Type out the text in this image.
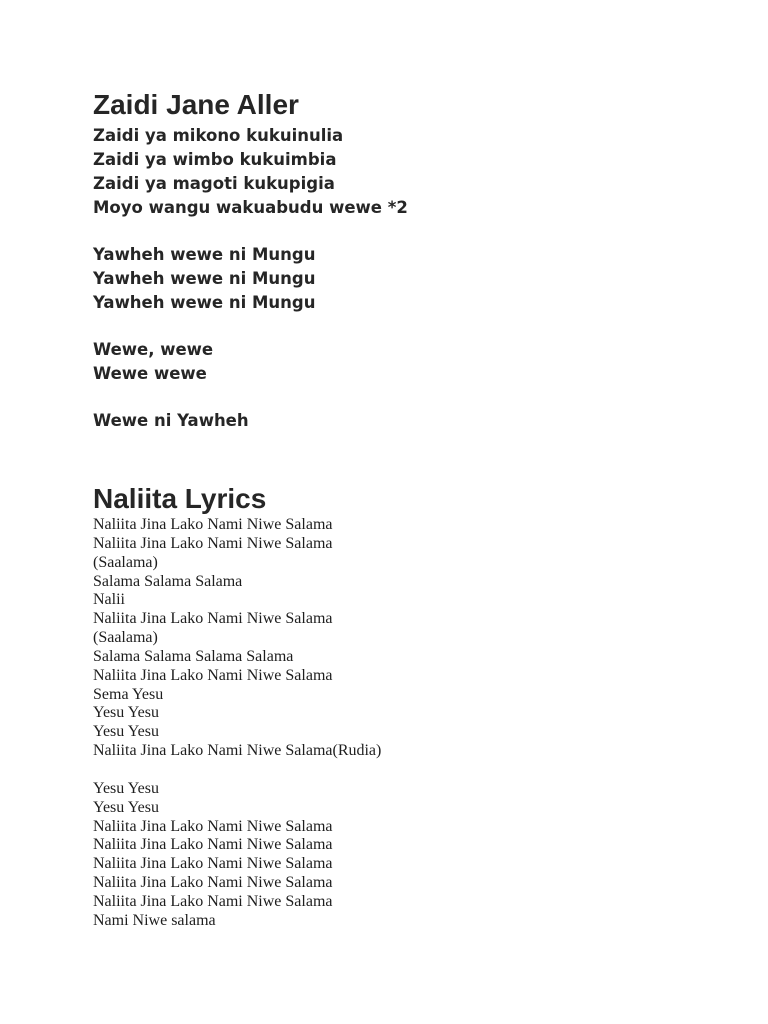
Zaidi Jane Aller
Zaidi ya mikono kukuinulia
Zaidi ya wimbo kukuimbia
Zaidi ya magoti kukupigia
Moyo wangu wakuabudu wewe *2
Yawheh wewe ni Mungu
Yawheh wewe ni Mungu
Yawheh wewe ni Mungu
Wewe, wewe
Wewe wewe
Wewe ni Yawheh
Naliita Lyrics
Naliita Jina Lako Nami Niwe Salama
Naliita Jina Lako Nami Niwe Salama
(Saalama)
Salama Salama Salama
Nalii
Naliita Jina Lako Nami Niwe Salama
(Saalama)
Salama Salama Salama Salama
Naliita Jina Lako Nami Niwe Salama
Sema Yesu
Yesu Yesu
Yesu Yesu
Naliita Jina Lako Nami Niwe Salama(Rudia)
Yesu Yesu
Yesu Yesu
Naliita Jina Lako Nami Niwe Salama
Naliita Jina Lako Nami Niwe Salama
Naliita Jina Lako Nami Niwe Salama
Naliita Jina Lako Nami Niwe Salama
Naliita Jina Lako Nami Niwe Salama
Nami Niwe salama
